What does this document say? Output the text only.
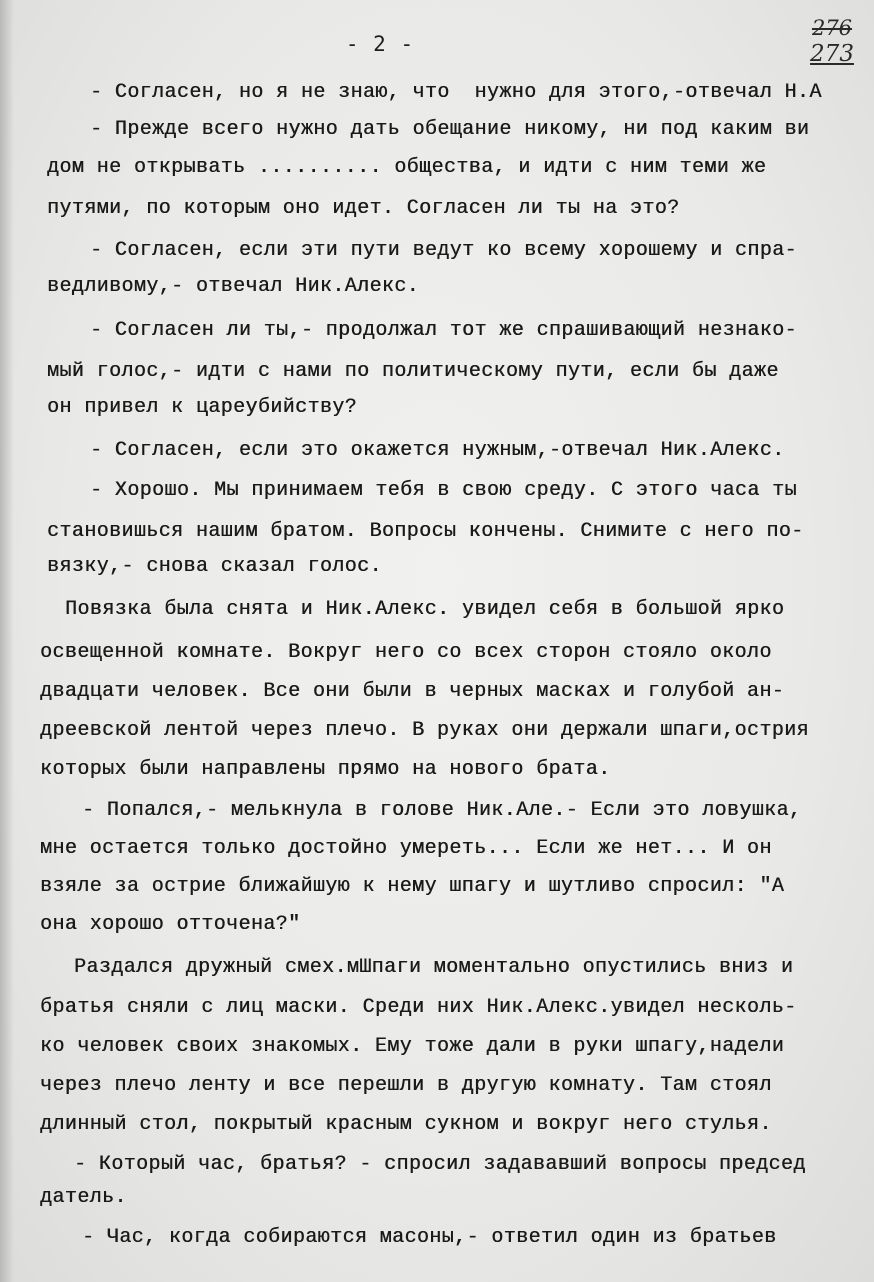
276
273
- 2 -
- Согласен, но я не знаю, что  нужно для этого,-отвечал Н.А
- Прежде всего нужно дать обещание никому, ни под каким ви
дом не открывать .......... общества, и идти с ним теми же
путями, по которым оно идет. Согласен ли ты на это?
- Согласен, если эти пути ведут ко всему хорошему и спра-
ведливому,- отвечал Ник.Алекс.
- Согласен ли ты,- продолжал тот же спрашивающий незнако-
мый голос,- идти с нами по политическому пути, если бы даже
он привел к цареубийству?
- Согласен, если это окажется нужным,-отвечал Ник.Алекс.
- Хорошо. Мы принимаем тебя в свою среду. С этого часа ты
становишься нашим братом. Вопросы кончены. Снимите с него по-
вязку,- снова сказал голос.
Повязка была снята и Ник.Алекс. увидел себя в большой ярко
освещенной комнате. Вокруг него со всех сторон стояло около
двадцати человек. Все они были в черных масках и голубой ан-
дреевской лентой через плечо. В руках они держали шпаги,острия
которых были направлены прямо на нового брата.
- Попался,- мелькнула в голове Ник.Але.- Если это ловушка,
мне остается только достойно умереть... Если же нет... И он
взяле за острие ближайшую к нему шпагу и шутливо спросил: "А
она хорошо отточена?"
Раздался дружный смех.мШпаги моментально опустились вниз и
братья сняли с лиц маски. Среди них Ник.Алекс.увидел несколь-
ко человек своих знакомых. Ему тоже дали в руки шпагу,надели
через плечо ленту и все перешли в другую комнату. Там стоял
длинный стол, покрытый красным сукном и вокруг него стулья.
- Который час, братья? - спросил задававший вопросы председ
датель.
- Час, когда собираются масоны,- ответил один из братьев
